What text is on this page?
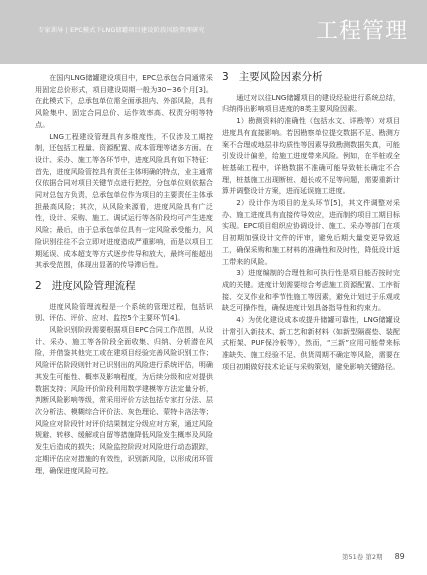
专家训导 | EPC模式下LNG储罐项目建设阶段风险管理研究	工程管理

在国内LNG储罐建设项目中，EPC总承包合同通常采用固定总价形式，项目建设周期一般为30~36个月[3]。在此模式下，总承包单位需全面承担内、外部风险，具有风险集中、固定合同总价、运作效率高、权责分明等特点。

LNG工程建设管理具有多维度性，不仅涉及工期控制，还包括工程量、资源配置、成本管理等诸多方面。在设计、采办、施工等各环节中，进度风险具有如下特征：首先，进度风险管控具有责任主体明确的特点，业主通常仅依据合同对项目关键节点进行把控，分包单位则依据合同对总包方负责，总承包单位作为项目的主要责任主体承担最高风险；其次，从风险来源看，进度风险具有广泛性，设计、采购、施工、调试运行等各阶段均可产生进度风险；最后，由于总承包单位具有一定风险承受能力，风险识别往往不会立即对进度造成严重影响，而是以项目工期延误、成本超支等方式逐步传导和放大，最终可能超出其承受范围，体现出显著的传导滞后性。

2 进度风险管理流程

进度风险管理流程是一个系统的管理过程，包括识别、评估、评价、应对、监控5个主要环节[4]。

风险识别阶段需要根据项目EPC合同工作范围，从设计、采办、施工等各阶段全面收集、归纳、分析潜在风险，并借鉴其他完工或在建项目经验完善风险识别工作；风险评估阶段则针对已识别出的风险进行系统评估，明确其发生可能性、概率及影响程度，为后续分级和应对提供数据支持；风险评价阶段利用数学建模等方法定量分析，判断风险影响等级，常采用评价方法包括专家打分法、层次分析法、模糊综合评价法、灰色理论、蒙特卡洛法等；风险应对阶段针对评价结果制定分级应对方案，通过风险规避、转移、缓解或自留等措施降低风险发生概率及风险发生后造成的损失；风险监控阶段对风险进行动态跟踪，定期评估应对措施的有效性，识别新风险，以形成闭环管理，确保进度风险可控。

3 主要风险因素分析

通过对以往LNG储罐项目的建设经验进行系统总结，归纳得出影响项目进度的8类主要风险因素。

1）勘测资料的准确性（包括水文、详勘等）对项目进度具有直接影响。若因勘察单位提交数据不足、勘测方案不合理或地层非均质性等因素导致勘测数据失真，可能引发设计偏差，给施工进度带来风险。例如，在半桩或全桩基础工程中，详勘数据不准确可能导致桩长确定不合理，桩基施工出现断桩、超长或不足等问题，需要重新计算并调整设计方案，进而延误施工进度。

2）设计作为项目的龙头环节[5]，其文件调整对采办、施工进度具有直接传导效应，进而制约项目工期目标实现。EPC项目组织应协调设计、施工、采办等部门在项目初期加强设计文件的评审，避免后期大量变更导致返工，确保采购和施工材料的准确性和及时性，降低设计返工带来的风险。

3）进度编制的合理性和可执行性是项目能否按时完成的关键。进度计划需要综合考虑施工资源配置、工序衔接、交叉作业和季节性施工等因素，避免计划过于乐观或缺乏可操作性，确保进度计划具备指导性和约束力。

4）为优化建设成本或提升储罐可靠性，LNG储罐设计常引入新技术、新工艺和新材料（如新型隔震垫、装配式桁架、PUF保冷板等），然而，“三新”应用可能带来标准缺失、施工经验不足、供货周期不确定等风险，需要在项目初期做好技术论证与采购策划，避免影响关键路径。

第51卷 第2期 89
